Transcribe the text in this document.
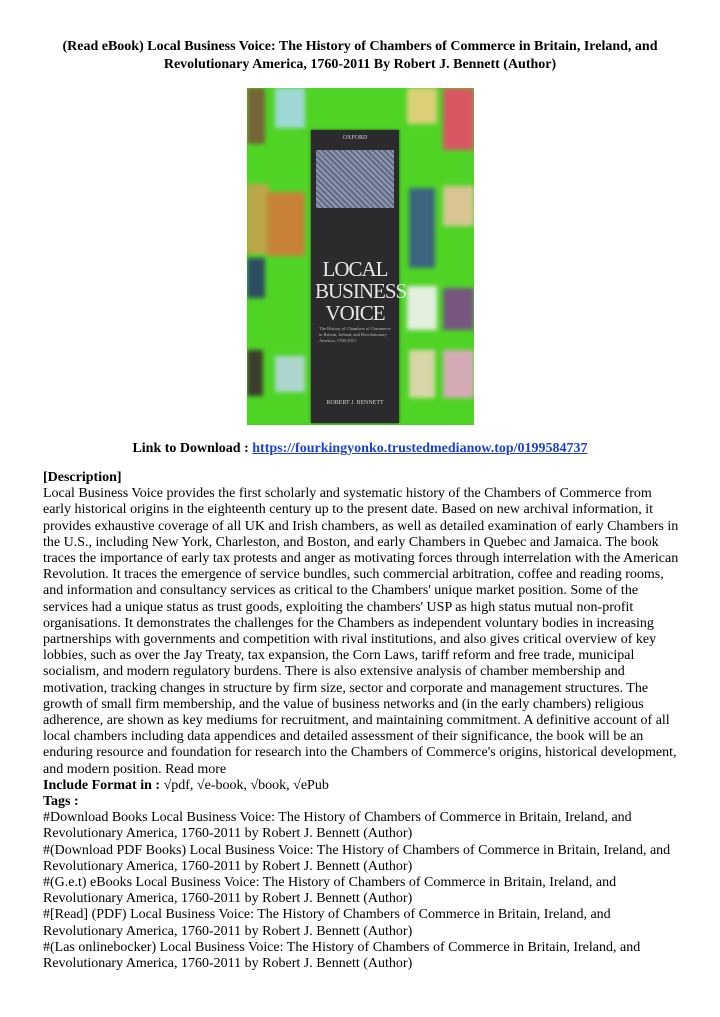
(Read eBook) Local Business Voice: The History of Chambers of Commerce in Britain, Ireland, and Revolutionary America, 1760-2011 By Robert J. Bennett (Author)
OXFORD
LOCAL BUSINESS VOICE
The History of Chambers of Commerce in Britain, Ireland, and Revolutionary America, 1760-2011
ROBERT J. BENNETT
Link to Download : https://fourkingyonko.trustedmedianow.top/0199584737

[Description]

Local Business Voice provides the first scholarly and systematic history of the Chambers of Commerce from early historical origins in the eighteenth century up to the present date. Based on new archival information, it provides exhaustive coverage of all UK and Irish chambers, as well as detailed examination of early Chambers in the U.S., including New York, Charleston, and Boston, and early Chambers in Quebec and Jamaica. The book traces the importance of early tax protests and anger as motivating forces through interrelation with the American Revolution. It traces the emergence of service bundles, such commercial arbitration, coffee and reading rooms, and information and consultancy services as critical to the Chambers' unique market position. Some of the services had a unique status as trust goods, exploiting the chambers' USP as high status mutual non-profit organisations. It demonstrates the challenges for the Chambers as independent voluntary bodies in increasing partnerships with governments and competition with rival institutions, and also gives critical overview of key lobbies, such as over the Jay Treaty, tax expansion, the Corn Laws, tariff reform and free trade, municipal socialism, and modern regulatory burdens. There is also extensive analysis of chamber membership and motivation, tracking changes in structure by firm size, sector and corporate and management structures. The growth of small firm membership, and the value of business networks and (in the early chambers) religious adherence, are shown as key mediums for recruitment, and maintaining commitment. A definitive account of all local chambers including data appendices and detailed assessment of their significance, the book will be an enduring resource and foundation for research into the Chambers of Commerce's origins, historical development, and modern position. Read more

Include Format in : √pdf, √e-book, √book, √ePub

Tags :

#Download Books Local Business Voice: The History of Chambers of Commerce in Britain, Ireland, and Revolutionary America, 1760-2011 by Robert J. Bennett (Author)

#(Download PDF Books) Local Business Voice: The History of Chambers of Commerce in Britain, Ireland, and Revolutionary America, 1760-2011 by Robert J. Bennett (Author)

#(G.e.t) eBooks Local Business Voice: The History of Chambers of Commerce in Britain, Ireland, and Revolutionary America, 1760-2011 by Robert J. Bennett (Author)

#[Read] (PDF) Local Business Voice: The History of Chambers of Commerce in Britain, Ireland, and Revolutionary America, 1760-2011 by Robert J. Bennett (Author)

#(Las onlinebocker) Local Business Voice: The History of Chambers of Commerce in Britain, Ireland, and Revolutionary America, 1760-2011 by Robert J. Bennett (Author)
